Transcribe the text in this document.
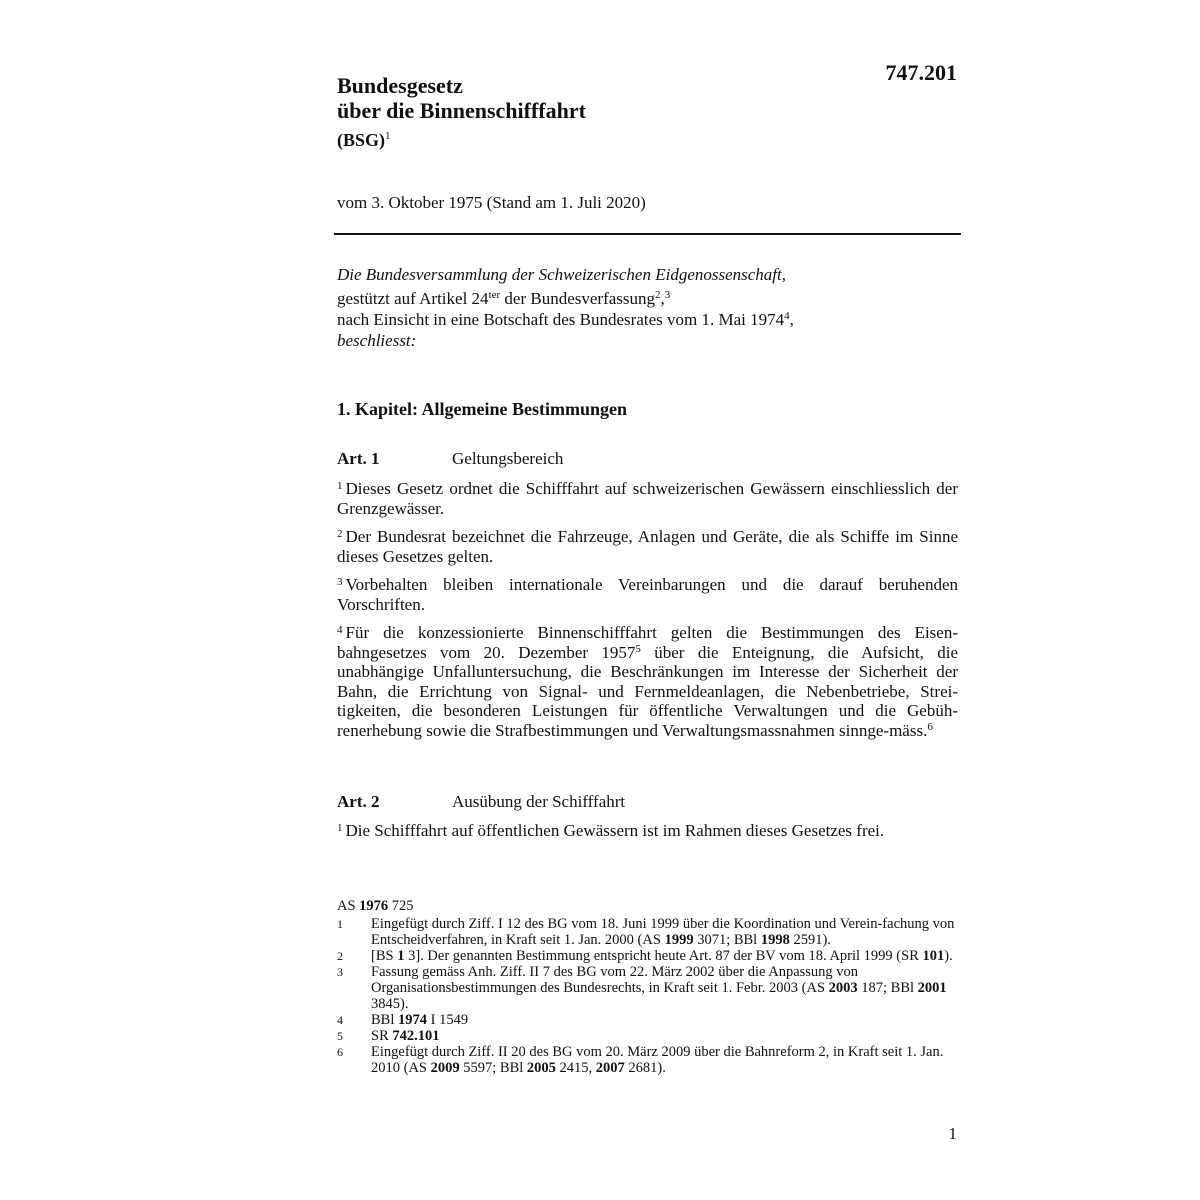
747.201
Bundesgesetz
über die Binnenschifffahrt
(BSG)$^1$
vom 3. Oktober 1975 (Stand am 1. Juli 2020)
Die Bundesversammlung der Schweizerischen Eidgenossenschaft,
gestützt auf Artikel 24$^{ter}$ der Bundesverfassung$^2$,$^3$
nach Einsicht in eine Botschaft des Bundesrates vom 1. Mai 1974$^4$,
beschliesst:
1. Kapitel: Allgemeine Bestimmungen
Art. 1	Geltungsbereich
$^1$ Dieses Gesetz ordnet die Schifffahrt auf schweizerischen Gewässern einschliesslich der Grenzgewässer.
$^2$ Der Bundesrat bezeichnet die Fahrzeuge, Anlagen und Geräte, die als Schiffe im Sinne dieses Gesetzes gelten.
$^3$ Vorbehalten bleiben internationale Vereinbarungen und die darauf beruhenden Vorschriften.
$^4$ Für die konzessionierte Binnenschifffahrt gelten die Bestimmungen des Eisen-bahngesetzes vom 20. Dezember 1957$^5$ über die Enteignung, die Aufsicht, die unabhängige Unfalluntersuchung, die Beschränkungen im Interesse der Sicherheit der Bahn, die Errichtung von Signal- und Fernmeldeanlagen, die Nebenbetriebe, Strei-tigkeiten, die besonderen Leistungen für öffentliche Verwaltungen und die Gebüh-renerhebung sowie die Strafbestimmungen und Verwaltungsmassnahmen sinnge-mäss.$^6$
Art. 2	Ausübung der Schifffahrt
$^1$ Die Schifffahrt auf öffentlichen Gewässern ist im Rahmen dieses Gesetzes frei.
AS 1976 725
1	Eingefügt durch Ziff. I 12 des BG vom 18. Juni 1999 über die Koordination und Verein-fachung von Entscheidverfahren, in Kraft seit 1. Jan. 2000 (AS 1999 3071; BBl 1998 2591).
2	[BS 1 3]. Der genannten Bestimmung entspricht heute Art. 87 der BV vom 18. April 1999 (SR 101).
3	Fassung gemäss Anh. Ziff. II 7 des BG vom 22. März 2002 über die Anpassung von Organisationsbestimmungen des Bundesrechts, in Kraft seit 1. Febr. 2003 (AS 2003 187; BBl 2001 3845).
4	BBl 1974 I 1549
5	SR 742.101
6	Eingefügt durch Ziff. II 20 des BG vom 20. März 2009 über die Bahnreform 2, in Kraft seit 1. Jan. 2010 (AS 2009 5597; BBl 2005 2415, 2007 2681).
1
